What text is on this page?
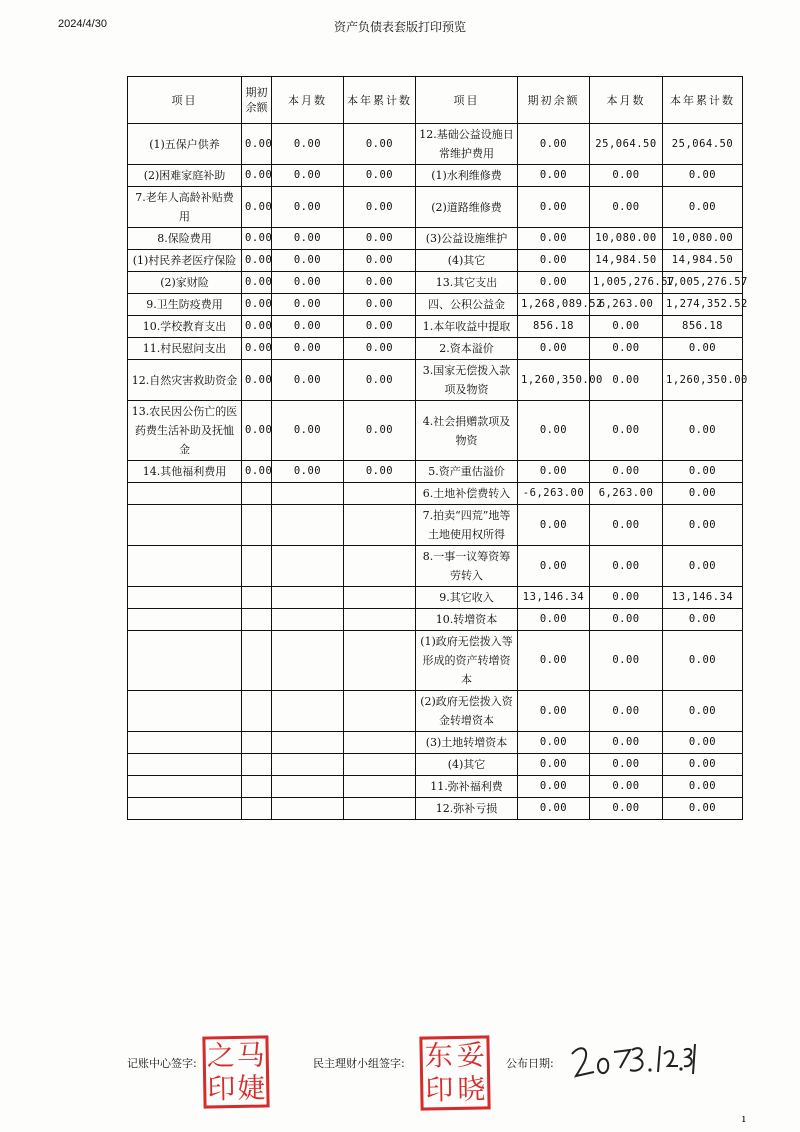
2024/4/30	资产负债表套版打印预览
项目	期初余额	本月数	本年累计数	项目	期初余额	本月数	本年累计数
(1)五保户供养	0.00	0.00	0.00	12.基础公益设施日常维护费用	0.00	25,064.50	25,064.50
(2)困难家庭补助	0.00	0.00	0.00	(1)水利维修费	0.00	0.00	0.00
7.老年人高龄补贴费用	0.00	0.00	0.00	(2)道路维修费	0.00	0.00	0.00
8.保险费用	0.00	0.00	0.00	(3)公益设施维护	0.00	10,080.00	10,080.00
(1)村民养老医疗保险	0.00	0.00	0.00	(4)其它	0.00	14,984.50	14,984.50
(2)家财险	0.00	0.00	0.00	13.其它支出	0.00	1,005,276.57	1,005,276.57
9.卫生防疫费用	0.00	0.00	0.00	四、公积公益金	1,268,089.52	6,263.00	1,274,352.52
10.学校教育支出	0.00	0.00	0.00	1.本年收益中提取	856.18	0.00	856.18
11.村民慰问支出	0.00	0.00	0.00	2.资本溢价	0.00	0.00	0.00
12.自然灾害救助资金	0.00	0.00	0.00	3.国家无偿拨入款项及物资	1,260,350.00	0.00	1,260,350.00
13.农民因公伤亡的医药费生活补助及抚恤金	0.00	0.00	0.00	4.社会捐赠款项及物资	0.00	0.00	0.00
14.其他福利费用	0.00	0.00	0.00	5.资产重估溢价	0.00	0.00	0.00
				6.土地补偿费转入	-6,263.00	6,263.00	0.00
				7.拍卖“四荒”地等土地使用权所得	0.00	0.00	0.00
				8.一事一议筹资筹劳转入	0.00	0.00	0.00
				9.其它收入	13,146.34	0.00	13,146.34
				10.转增资本	0.00	0.00	0.00
				(1)政府无偿拨入等形成的资产转增资本	0.00	0.00	0.00
				(2)政府无偿拨入资金转增资本	0.00	0.00	0.00
				(3)土地转增资本	0.00	0.00	0.00
				(4)其它	0.00	0.00	0.00
				11.弥补福利费	0.00	0.00	0.00
				12.弥补亏损	0.00	0.00	0.00
记账中心签字: 之 马
印 婕
民主理财小组签字: 东 妥
印 晓
公布日期:
ı
